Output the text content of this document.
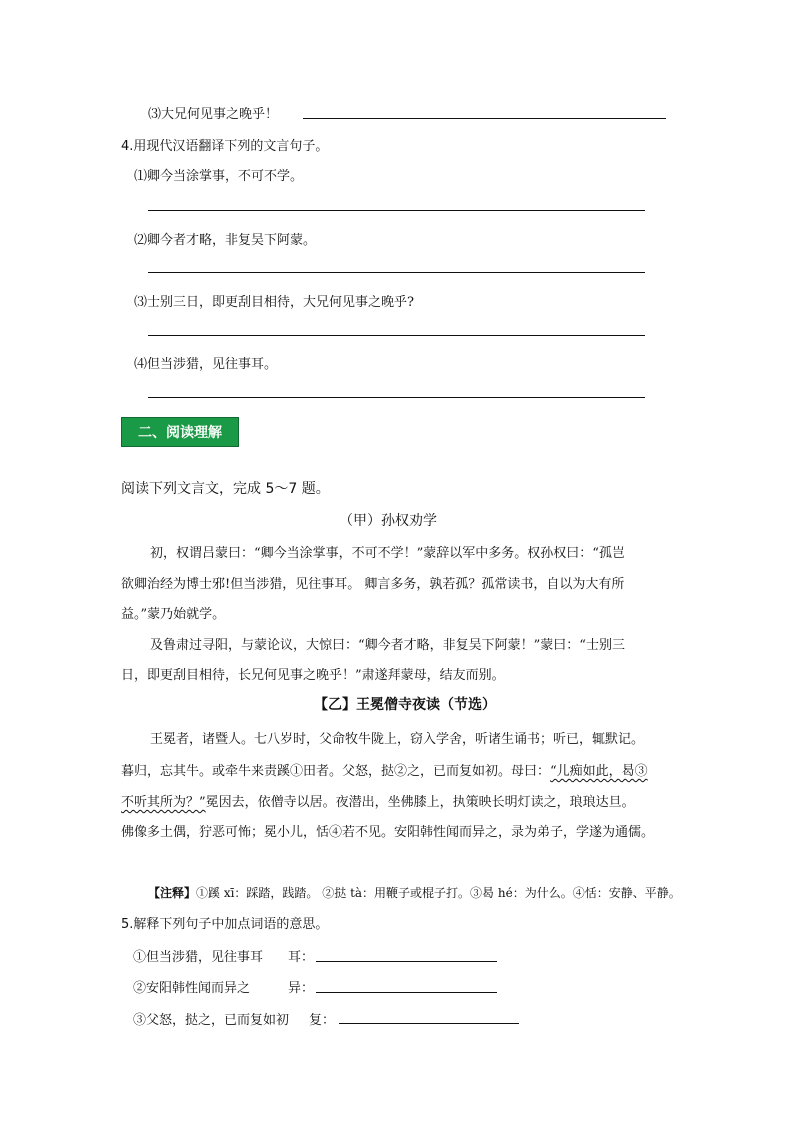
⑶大兄何见事之晚乎！
4.用现代汉语翻译下列的文言句子。
⑴卿今当涂掌事，不可不学。
⑵卿今者才略，非复吴下阿蒙。
⑶士别三日，即更刮目相待，大兄何见事之晚乎?
⑷但当涉猎，见往事耳。
二、阅读理解
阅读下列文言文，完成 5～7 题。
（甲）孙权劝学
初，权谓吕蒙曰：“卿今当涂掌事，不可不学！”蒙辞以军中多务。权孙权曰：“孤岂
欲卿治经为博士邪!但当涉猎，见往事耳。 卿言多务，孰若孤？孤常读书，自以为大有所
益。”蒙乃始就学。
及鲁肃过寻阳，与蒙论议，大惊曰：“卿今者才略，非复吴下阿蒙！”蒙曰：“士别三
日，即更刮目相待，长兄何见事之晚乎！”肃遂拜蒙母，结友而别。
【乙】王冕僧寺夜读（节选）
王冕者，诸暨人。七八岁时，父命牧牛陇上，窃入学舍，听诸生诵书；听已，辄默记。
暮归，忘其牛。或牵牛来责蹊①田者。父怒，挞②之，已而复如初。母曰：“儿痴如此，曷③
不听其所为？”冕因去，依僧寺以居。夜潜出，坐佛膝上，执策映长明灯读之，琅琅达旦。
佛像多土偶，狞恶可怖；冕小儿，恬④若不见。安阳韩性闻而异之，录为弟子，学遂为通儒。
【注释】①蹊 xī：踩踏，践踏。 ②挞 tà：用鞭子或棍子打。③曷 hé：为什么。④恬：安静、平静。
5.解释下列句子中加点词语的意思。
①但当涉猎，见往事耳 耳：
②安阳韩性闻而异之	异：
③父怒，挞之，已而复如初 复：
